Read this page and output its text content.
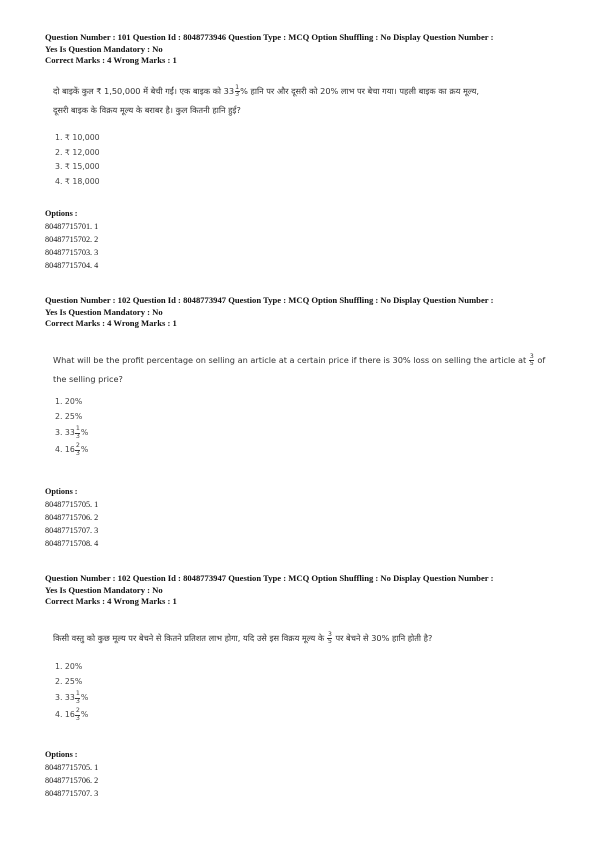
Question Number : 101 Question Id : 8048773946 Question Type : MCQ Option Shuffling : No Display Question Number :
Yes Is Question Mandatory : No
Correct Marks : 4 Wrong Marks : 1
दो बाइकें कुल ₹ 1,50,000 में बेची गईं। एक बाइक को $33 \frac{1}{3}$ % हानि पर और दूसरी को 20% लाभ पर बेचा गया। पहली बाइक का क्रय मूल्य,
दूसरी बाइक के विक्रय मूल्य के बराबर है। कुल कितनी हानि हुई?
1. ₹ 10,000
2. ₹ 12,000
3. ₹ 15,000
4. ₹ 18,000
Options :
80487715701. 1
80487715702. 2
80487715703. 3
80487715704. 4
Question Number : 102 Question Id : 8048773947 Question Type : MCQ Option Shuffling : No Display Question Number :
Yes Is Question Mandatory : No
Correct Marks : 4 Wrong Marks : 1
What will be the profit percentage on selling an article at a certain price if there is 30% loss on selling the article at $\frac{3}{5}$ of
the selling price?
1. 20%
2. 25%
3. $33 \frac{1}{3}$ %
4. $16 \frac{2}{3}$ %
Options :
80487715705. 1
80487715706. 2
80487715707. 3
80487715708. 4
Question Number : 102 Question Id : 8048773947 Question Type : MCQ Option Shuffling : No Display Question Number :
Yes Is Question Mandatory : No
Correct Marks : 4 Wrong Marks : 1
किसी वस्तु को कुछ मूल्य पर बेचने से कितने प्रतिशत लाभ होगा, यदि उसे इस विक्रय मूल्य के $\frac{3}{5}$ पर बेचने से 30% हानि होती है?
1. 20%
2. 25%
3. $33 \frac{1}{3}$ %
4. $16 \frac{2}{3}$ %
Options :
80487715705. 1
80487715706. 2
80487715707. 3
